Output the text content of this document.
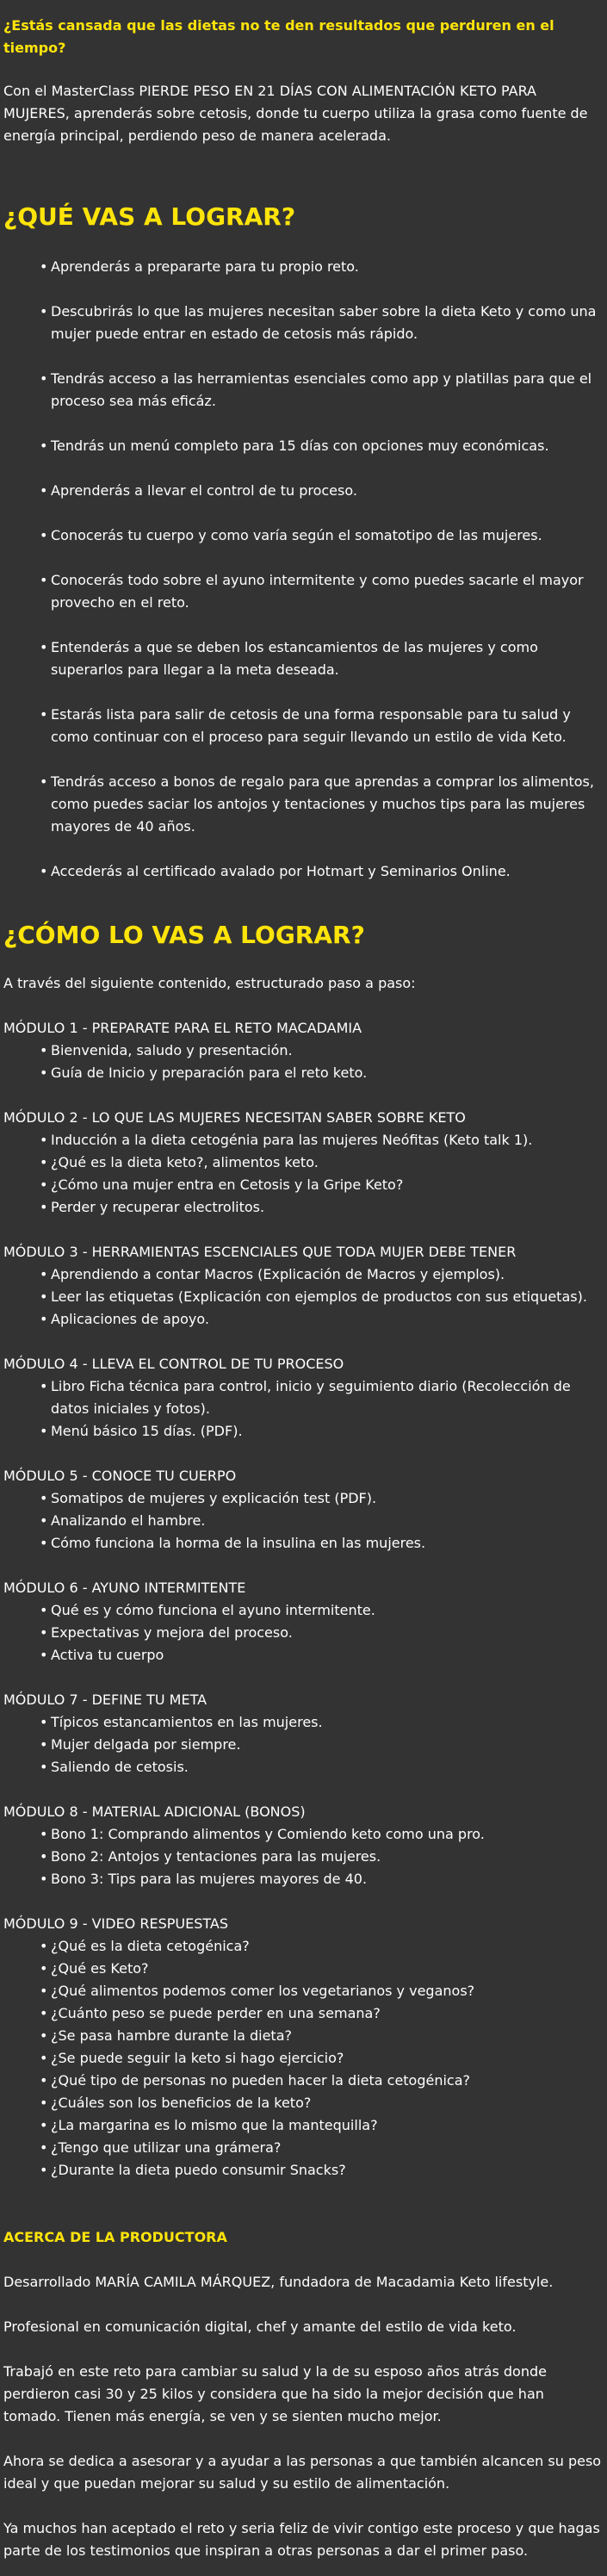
¿Estás cansada que las dietas no te den resultados que perduren en el tiempo?

Con el MasterClass PIERDE PESO EN 21 DÍAS CON ALIMENTACIÓN KETO PARA MUJERES, aprenderás sobre cetosis, donde tu cuerpo utiliza la grasa como fuente de energía principal, perdiendo peso de manera acelerada.

¿QUÉ VAS A LOGRAR?
• Aprenderás a prepararte para tu propio reto.
• Descubrirás lo que las mujeres necesitan saber sobre la dieta Keto y como una mujer puede entrar en estado de cetosis más rápido.
• Tendrás acceso a las herramientas esenciales como app y platillas para que el proceso sea más eficáz.
• Tendrás un menú completo para 15 días con opciones muy económicas.
• Aprenderás a llevar el control de tu proceso.
• Conocerás tu cuerpo y como varía según el somatotipo de las mujeres.
• Conocerás todo sobre el ayuno intermitente y como puedes sacarle el mayor provecho en el reto.
• Entenderás a que se deben los estancamientos de las mujeres y como superarlos para llegar a la meta deseada.
• Estarás lista para salir de cetosis de una forma responsable para tu salud y como continuar con el proceso para seguir llevando un estilo de vida Keto.
• Tendrás acceso a bonos de regalo para que aprendas a comprar los alimentos, como puedes saciar los antojos y tentaciones y muchos tips para las mujeres mayores de 40 años.
• Accederás al certificado avalado por Hotmart y Seminarios Online.
¿CÓMO LO VAS A LOGRAR?

A través del siguiente contenido, estructurado paso a paso:

MÓDULO 1 - PREPARATE PARA EL RETO MACADAMIA

• Bienvenida, saludo y presentación.
• Guía de Inicio y preparación para el reto keto.

MÓDULO 2 - LO QUE LAS MUJERES NECESITAN SABER SOBRE KETO

• Inducción a la dieta cetogénia para las mujeres Neófitas (Keto talk 1).
• ¿Qué es la dieta keto?, alimentos keto.
• ¿Cómo una mujer entra en Cetosis y la Gripe Keto?
• Perder y recuperar electrolitos.

MÓDULO 3 - HERRAMIENTAS ESCENCIALES QUE TODA MUJER DEBE TENER

• Aprendiendo a contar Macros (Explicación de Macros y ejemplos).
• Leer las etiquetas (Explicación con ejemplos de productos con sus etiquetas).
• Aplicaciones de apoyo.

MÓDULO 4 - LLEVA EL CONTROL DE TU PROCESO

• Libro Ficha técnica para control, inicio y seguimiento diario (Recolección de datos iniciales y fotos).
• Menú básico 15 días. (PDF).

MÓDULO 5 - CONOCE TU CUERPO

• Somatipos de mujeres y explicación test (PDF).
• Analizando el hambre.
• Cómo funciona la horma de la insulina en las mujeres.

MÓDULO 6 - AYUNO INTERMITENTE

• Qué es y cómo funciona el ayuno intermitente.
• Expectativas y mejora del proceso.
• Activa tu cuerpo

MÓDULO 7 - DEFINE TU META

• Típicos estancamientos en las mujeres.
• Mujer delgada por siempre.
• Saliendo de cetosis.

MÓDULO 8 - MATERIAL ADICIONAL (BONOS)

• Bono 1: Comprando alimentos y Comiendo keto como una pro.
• Bono 2: Antojos y tentaciones para las mujeres.
• Bono 3: Tips para las mujeres mayores de 40.

MÓDULO 9 - VIDEO RESPUESTAS

• ¿Qué es la dieta cetogénica?
• ¿Qué es Keto?
• ¿Qué alimentos podemos comer los vegetarianos y veganos?
• ¿Cuánto peso se puede perder en una semana?
• ¿Se pasa hambre durante la dieta?
• ¿Se puede seguir la keto si hago ejercicio?
• ¿Qué tipo de personas no pueden hacer la dieta cetogénica?
• ¿Cuáles son los beneficios de la keto?
• ¿La margarina es lo mismo que la mantequilla?
• ¿Tengo que utilizar una grámera?
• ¿Durante la dieta puedo consumir Snacks?

ACERCA DE LA PRODUCTORA

Desarrollado MARÍA CAMILA MÁRQUEZ, fundadora de Macadamia Keto lifestyle.

Profesional en comunicación digital, chef y amante del estilo de vida keto.

Trabajó en este reto para cambiar su salud y la de su esposo años atrás donde perdieron casi 30 y 25 kilos y considera que ha sido la mejor decisión que han tomado. Tienen más energía, se ven y se sienten mucho mejor.

Ahora se dedica a asesorar y a ayudar a las personas a que también alcancen su peso ideal y que puedan mejorar su salud y su estilo de alimentación.

Ya muchos han aceptado el reto y seria feliz de vivir contigo este proceso y que hagas parte de los testimonios que inspiran a otras personas a dar el primer paso.
